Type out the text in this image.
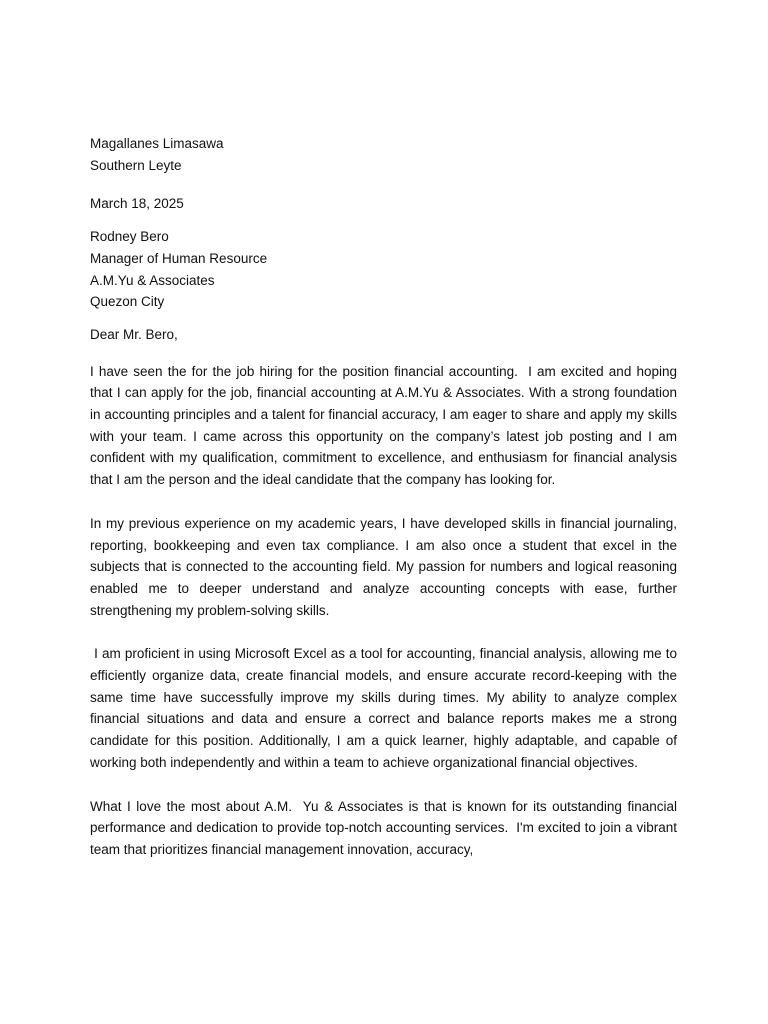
Magallanes Limasawa
Southern Leyte
March 18, 2025
Rodney Bero
Manager of Human Resource
A.M.Yu & Associates
Quezon City
Dear Mr. Bero,

I have seen the for the job hiring for the position financial accounting.  I am excited and hoping that I can apply for the job, financial accounting at A.M.Yu & Associates. With a strong foundation in accounting principles and a talent for financial accuracy, I am eager to share and apply my skills with your team. I came across this opportunity on the company’s latest job posting and I am confident with my qualification, commitment to excellence, and enthusiasm for financial analysis that I am the person and the ideal candidate that the company has looking for.

In my previous experience on my academic years, I have developed skills in financial journaling, reporting, bookkeeping and even tax compliance. I am also once a student that excel in the subjects that is connected to the accounting field. My passion for numbers and logical reasoning enabled me to deeper understand and analyze accounting concepts with ease, further strengthening my problem-solving skills.

I am proficient in using Microsoft Excel as a tool for accounting, financial analysis, allowing me to efficiently organize data, create financial models, and ensure accurate record-keeping with the same time have successfully improve my skills during times. My ability to analyze complex financial situations and data and ensure a correct and balance reports makes me a strong candidate for this position. Additionally, I am a quick learner, highly adaptable, and capable of working both independently and within a team to achieve organizational financial objectives.

What I love the most about A.M.  Yu & Associates is that is known for its outstanding financial performance and dedication to provide top-notch accounting services.  I'm excited to join a vibrant team that prioritizes financial management innovation, accuracy,
